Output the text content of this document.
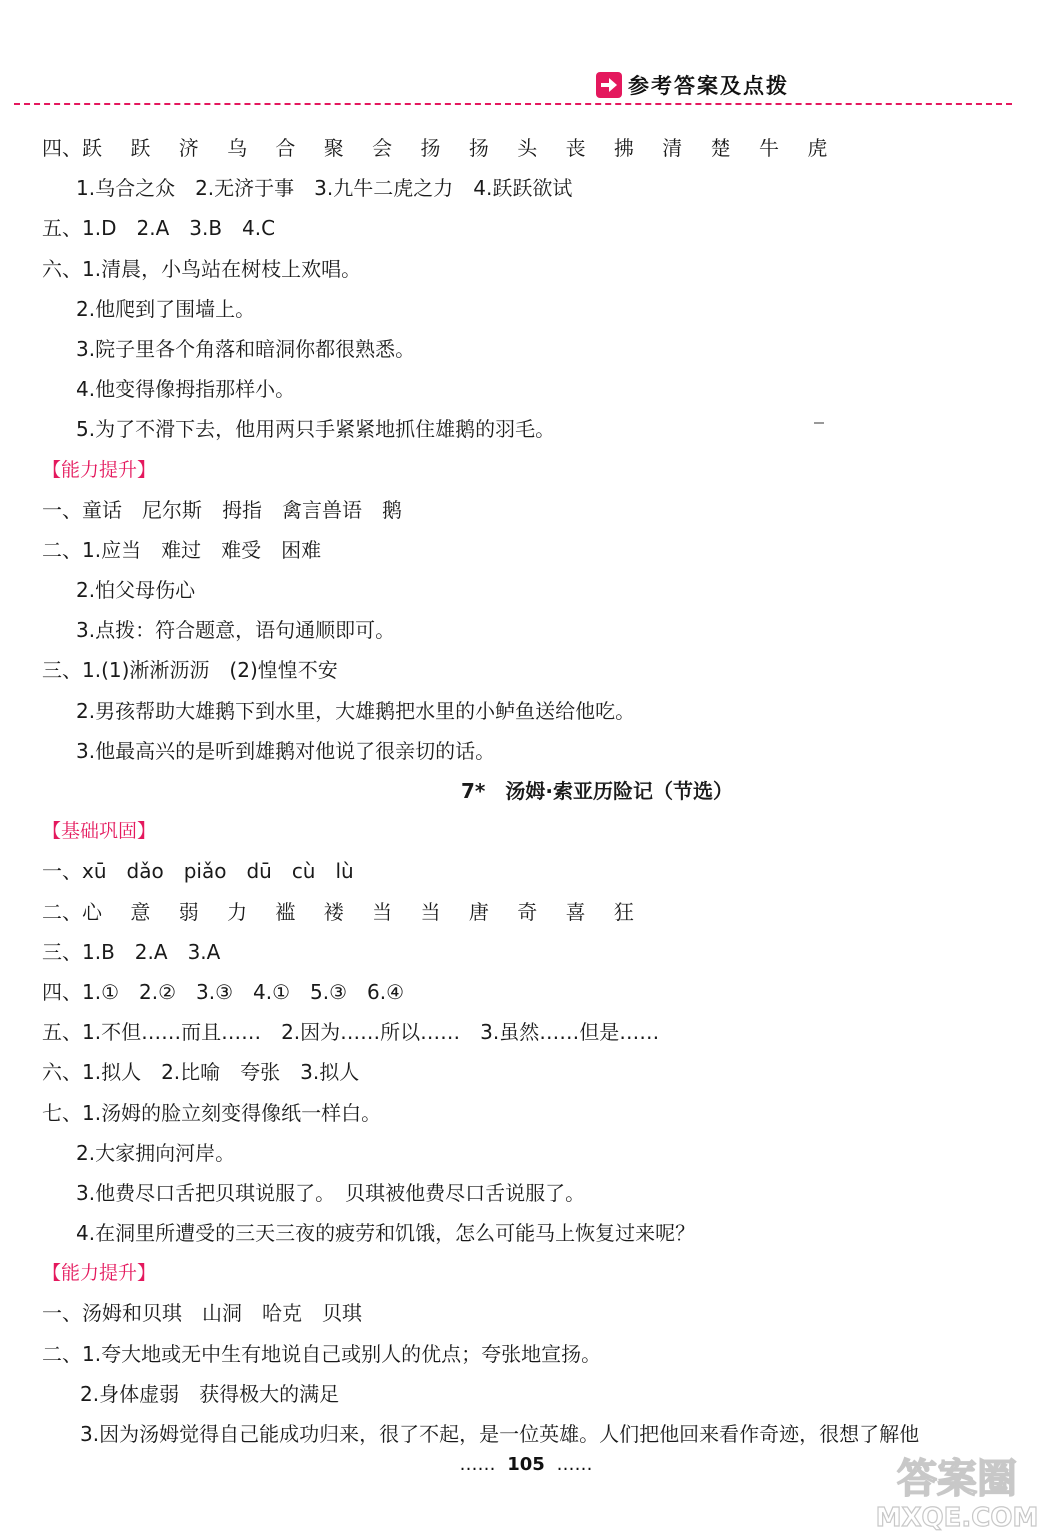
参考答案及点拨
四、跃 跃 济 乌 合 聚 会 扬 扬 头 丧 拂 清 楚 牛 虎
1.乌合之众　2.无济于事　3.九牛二虎之力　4.跃跃欲试
五、1.D　2.A　3.B　4.C
六、1.清晨，小鸟站在树枝上欢唱。
2.他爬到了围墙上。
3.院子里各个角落和暗洞你都很熟悉。
4.他变得像拇指那样小。
5.为了不滑下去，他用两只手紧紧地抓住雄鹅的羽毛。
【能力提升】
一、童话　尼尔斯　拇指　禽言兽语　鹅
二、1.应当　难过　难受　困难
2.怕父母伤心
3.点拨：符合题意，语句通顺即可。
三、1.(1)淅淅沥沥　(2)惶惶不安
2.男孩帮助大雄鹅下到水里，大雄鹅把水里的小鲈鱼送给他吃。
3.他最高兴的是听到雄鹅对他说了很亲切的话。
7*　汤姆·索亚历险记（节选）
【基础巩固】
一、xū　dǎo　piǎo　dū　cù　lù
二、心 意 弱 力 褴 褛 当 当 唐 奇 喜 狂
三、1.B　2.A　3.A
四、1.①　2.②　3.③　4.①　5.③　6.④
五、1.不但……而且……　2.因为……所以……　3.虽然……但是……
六、1.拟人　2.比喻　夸张　3.拟人
七、1.汤姆的脸立刻变得像纸一样白。
2.大家拥向河岸。
3.他费尽口舌把贝琪说服了。　贝琪被他费尽口舌说服了。
4.在洞里所遭受的三天三夜的疲劳和饥饿，怎么可能马上恢复过来呢？
【能力提升】
一、汤姆和贝琪　山洞　哈克　贝琪
二、1.夸大地或无中生有地说自己或别人的优点；夸张地宣扬。
2.身体虚弱　获得极大的满足
3.因为汤姆觉得自己能成功归来，很了不起，是一位英雄。人们把他回来看作奇迹，很想了解他
…… 105 ……	答案圈
MXQE.COM
